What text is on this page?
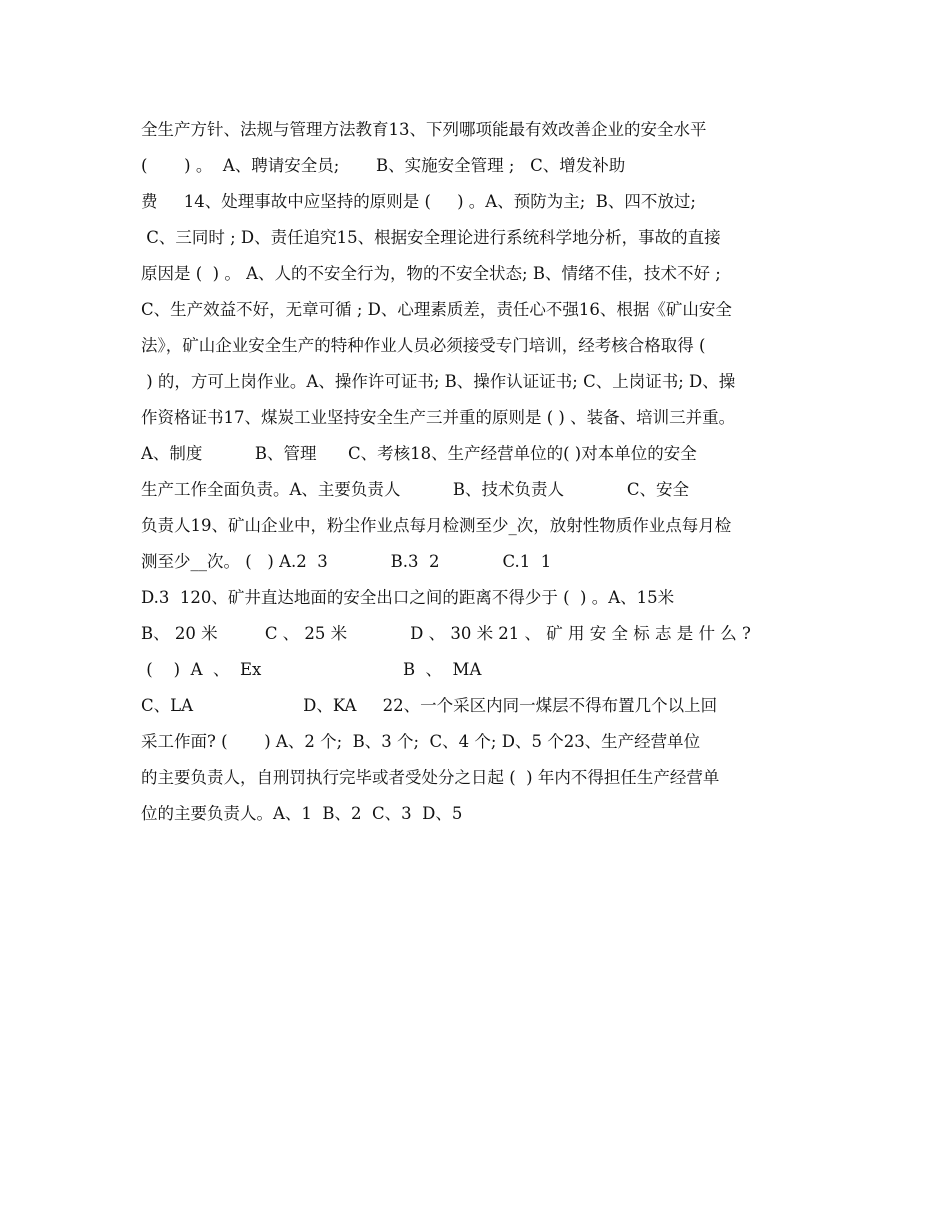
全生产方针、法规与管理方法教育13、下列哪项能最有效改善企业的安全水平
(       ) 。  A、聘请安全员;       B、实施安全管理 ;   C、增发补助
费     14、处理事故中应坚持的原则是 (     ) 。A、预防为主;  B、四不放过;
C、三同时 ; D、责任追究15、根据安全理论进行系统科学地分析，事故的直接
原因是 (  ) 。 A、人的不安全行为，物的不安全状态; B、情绪不佳，技术不好 ;
C、生产效益不好，无章可循 ; D、心理素质差，责任心不强16、根据《矿山安全
法》，矿山企业安全生产的特种作业人员必须接受专门培训，经考核合格取得 (
) 的，方可上岗作业。A、操作许可证书; B、操作认证证书; C、上岗证书; D、操
作资格证书17、煤炭工业坚持安全生产三并重的原则是 ( ) 、装备、培训三并重。
A、制度          B、管理      C、考核18、生产经营单位的( )对本单位的安全
生产工作全面负责。A、主要负责人          B、技术负责人            C、安全
负责人19、矿山企业中，粉尘作业点每月检测至少_次，放射性物质作业点每月检
测至少__次。 (   ) A.2  3            B.3  2            C.1  1
D.3  120、矿井直达地面的安全出口之间的距离不得少于 (  ) 。A、15米
B、 20 米         C 、 25 米            D 、 30 米 21 、 矿 用 安 全 标 志 是 什 么 ?
(    )  A  、  Ex                           B  、  MA
C、LA                     D、KA     22、一个采区内同一煤层不得布置几个以上回
采工作面? (       ) A、2 个;  B、3 个;  C、4 个; D、5 个23、生产经营单位
的主要负责人，自刑罚执行完毕或者受处分之日起 (  ) 年内不得担任生产经营单
位的主要负责人。A、1  B、2  C、3  D、5
